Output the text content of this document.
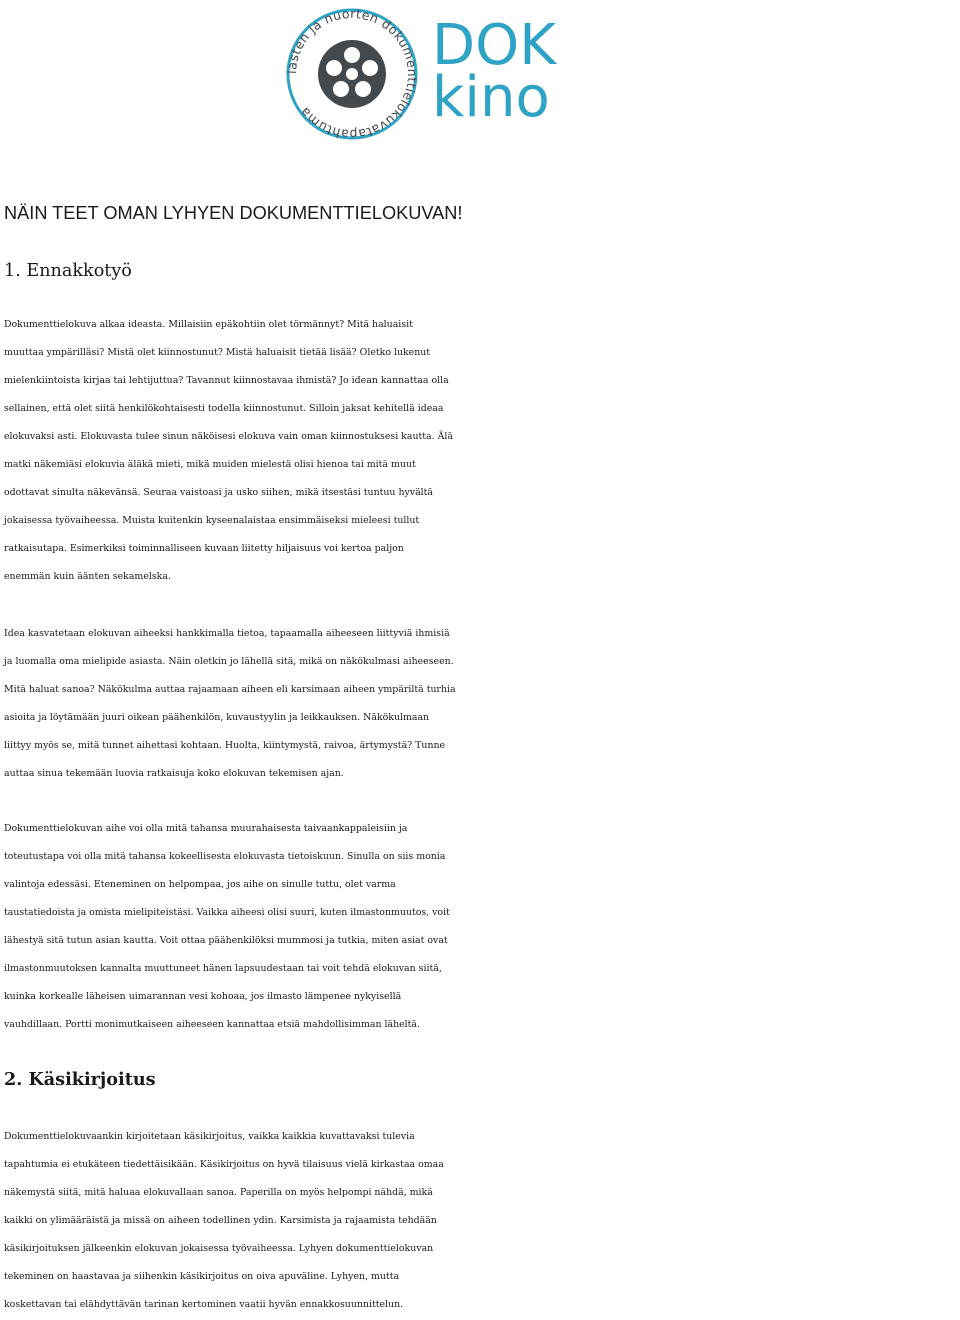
lasten ja nuorten dokumenttielokuvatapahtuma
DOK
kino
NÄIN TEET OMAN LYHYEN DOKUMENTTIELOKUVAN!
1. Ennakkotyö

Dokumenttielokuva alkaa ideasta. Millaisiin epäkohtiin olet törmännyt? Mitä haluaisit
muuttaa ympärilläsi? Mistä olet kiinnostunut? Mistä haluaisit tietää lisää? Oletko lukenut
mielenkiintoista kirjaa tai lehtijuttua? Tavannut kiinnostavaa ihmistä? Jo idean kannattaa olla
sellainen, että olet siitä henkilökohtaisesti todella kiinnostunut. Silloin jaksat kehitellä ideaa
elokuvaksi asti. Elokuvasta tulee sinun näköisesi elokuva vain oman kiinnostuksesi kautta. Älä
matki näkemiäsi elokuvia äläkä mieti, mikä muiden mielestä olisi hienoa tai mitä muut
odottavat sinulta näkevänsä. Seuraa vaistoasi ja usko siihen, mikä itsestäsi tuntuu hyvältä
jokaisessa työvaiheessa. Muista kuitenkin kyseenalaistaa ensimmäiseksi mieleesi tullut
ratkaisutapa. Esimerkiksi toiminnalliseen kuvaan liitetty hiljaisuus voi kertoa paljon
enemmän kuin äänten sekamelska.

Idea kasvatetaan elokuvan aiheeksi hankkimalla tietoa, tapaamalla aiheeseen liittyviä ihmisiä
ja luomalla oma mielipide asiasta. Näin oletkin jo lähellä sitä, mikä on näkökulmasi aiheeseen.
Mitä haluat sanoa? Näkökulma auttaa rajaamaan aiheen eli karsimaan aiheen ympäriltä turhia
asioita ja löytämään juuri oikean päähenkilön, kuvaustyylin ja leikkauksen. Näkökulmaan
liittyy myös se, mitä tunnet aihettasi kohtaan. Huolta, kiintymystä, raivoa, ärtymystä? Tunne
auttaa sinua tekemään luovia ratkaisuja koko elokuvan tekemisen ajan.

Dokumenttielokuvan aihe voi olla mitä tahansa muurahaisesta taivaankappaleisiin ja
toteutustapa voi olla mitä tahansa kokeellisesta elokuvasta tietoiskuun. Sinulla on siis monia
valintoja edessäsi. Eteneminen on helpompaa, jos aihe on sinulle tuttu, olet varma
taustatiedoista ja omista mielipiteistäsi. Vaikka aiheesi olisi suuri, kuten ilmastonmuutos, voit
lähestyä sitä tutun asian kautta. Voit ottaa päähenkilöksi mummosi ja tutkia, miten asiat ovat
ilmastonmuutoksen kannalta muuttuneet hänen lapsuudestaan tai voit tehdä elokuvan siitä,
kuinka korkealle läheisen uimarannan vesi kohoaa, jos ilmasto lämpenee nykyisellä
vauhdillaan. Portti monimutkaiseen aiheeseen kannattaa etsiä mahdollisimman läheltä.

2. Käsikirjoitus

Dokumenttielokuvaankin kirjoitetaan käsikirjoitus, vaikka kaikkia kuvattavaksi tulevia
tapahtumia ei etukäteen tiedettäisikään. Käsikirjoitus on hyvä tilaisuus vielä kirkastaa omaa
näkemystä siitä, mitä haluaa elokuvallaan sanoa. Paperilla on myös helpompi nähdä, mikä
kaikki on ylimääräistä ja missä on aiheen todellinen ydin. Karsimista ja rajaamista tehdään
käsikirjoituksen jälkeenkin elokuvan jokaisessa työvaiheessa. Lyhyen dokumenttielokuvan
tekeminen on haastavaa ja siihenkin käsikirjoitus on oiva apuväline. Lyhyen, mutta
koskettavan tai elähdyttävän tarinan kertominen vaatii hyvän ennakkosuunnittelun.
